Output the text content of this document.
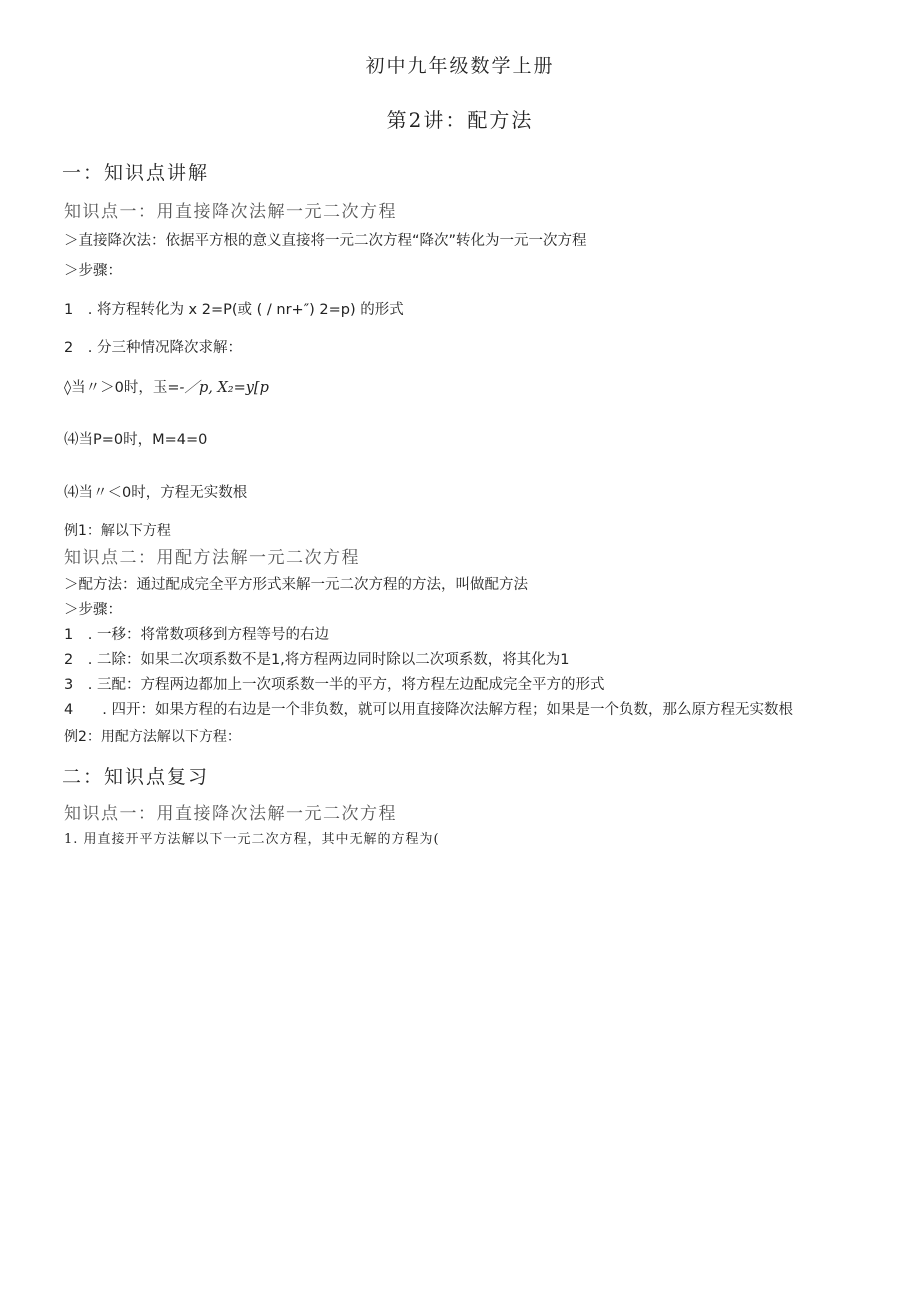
初中九年级数学上册
第2讲：配方法
一：知识点讲解
知识点一：用直接降次法解一元二次方程
＞直接降次法：依据平方根的意义直接将一元二次方程“降次”转化为一元一次方程
＞步骤：
1　. 将方程转化为 x 2=P(或 ( / nr+″) 2=p) 的形式
2　. 分三种情况降次求解：
◊当〃＞0时，玉=-／p, X₂=y[p
⑷当P=0时，M=4=0
⑷当〃＜0时，方程无实数根
例1：解以下方程
知识点二：用配方法解一元二次方程
＞配方法：通过配成完全平方形式来解一元二次方程的方法，叫做配方法
＞步骤：
1　. 一移：将常数项移到方程等号的右边
2　. 二除：如果二次项系数不是1,将方程两边同时除以二次项系数，将其化为1
3　. 三配：方程两边都加上一次项系数一半的平方，将方程左边配成完全平方的形式
4　　. 四开：如果方程的右边是一个非负数，就可以用直接降次法解方程；如果是一个负数，那么原方程无实数根
例2：用配方法解以下方程：
二：知识点复习
知识点一：用直接降次法解一元二次方程
1. 用直接开平方法解以下一元二次方程，其中无解的方程为(
